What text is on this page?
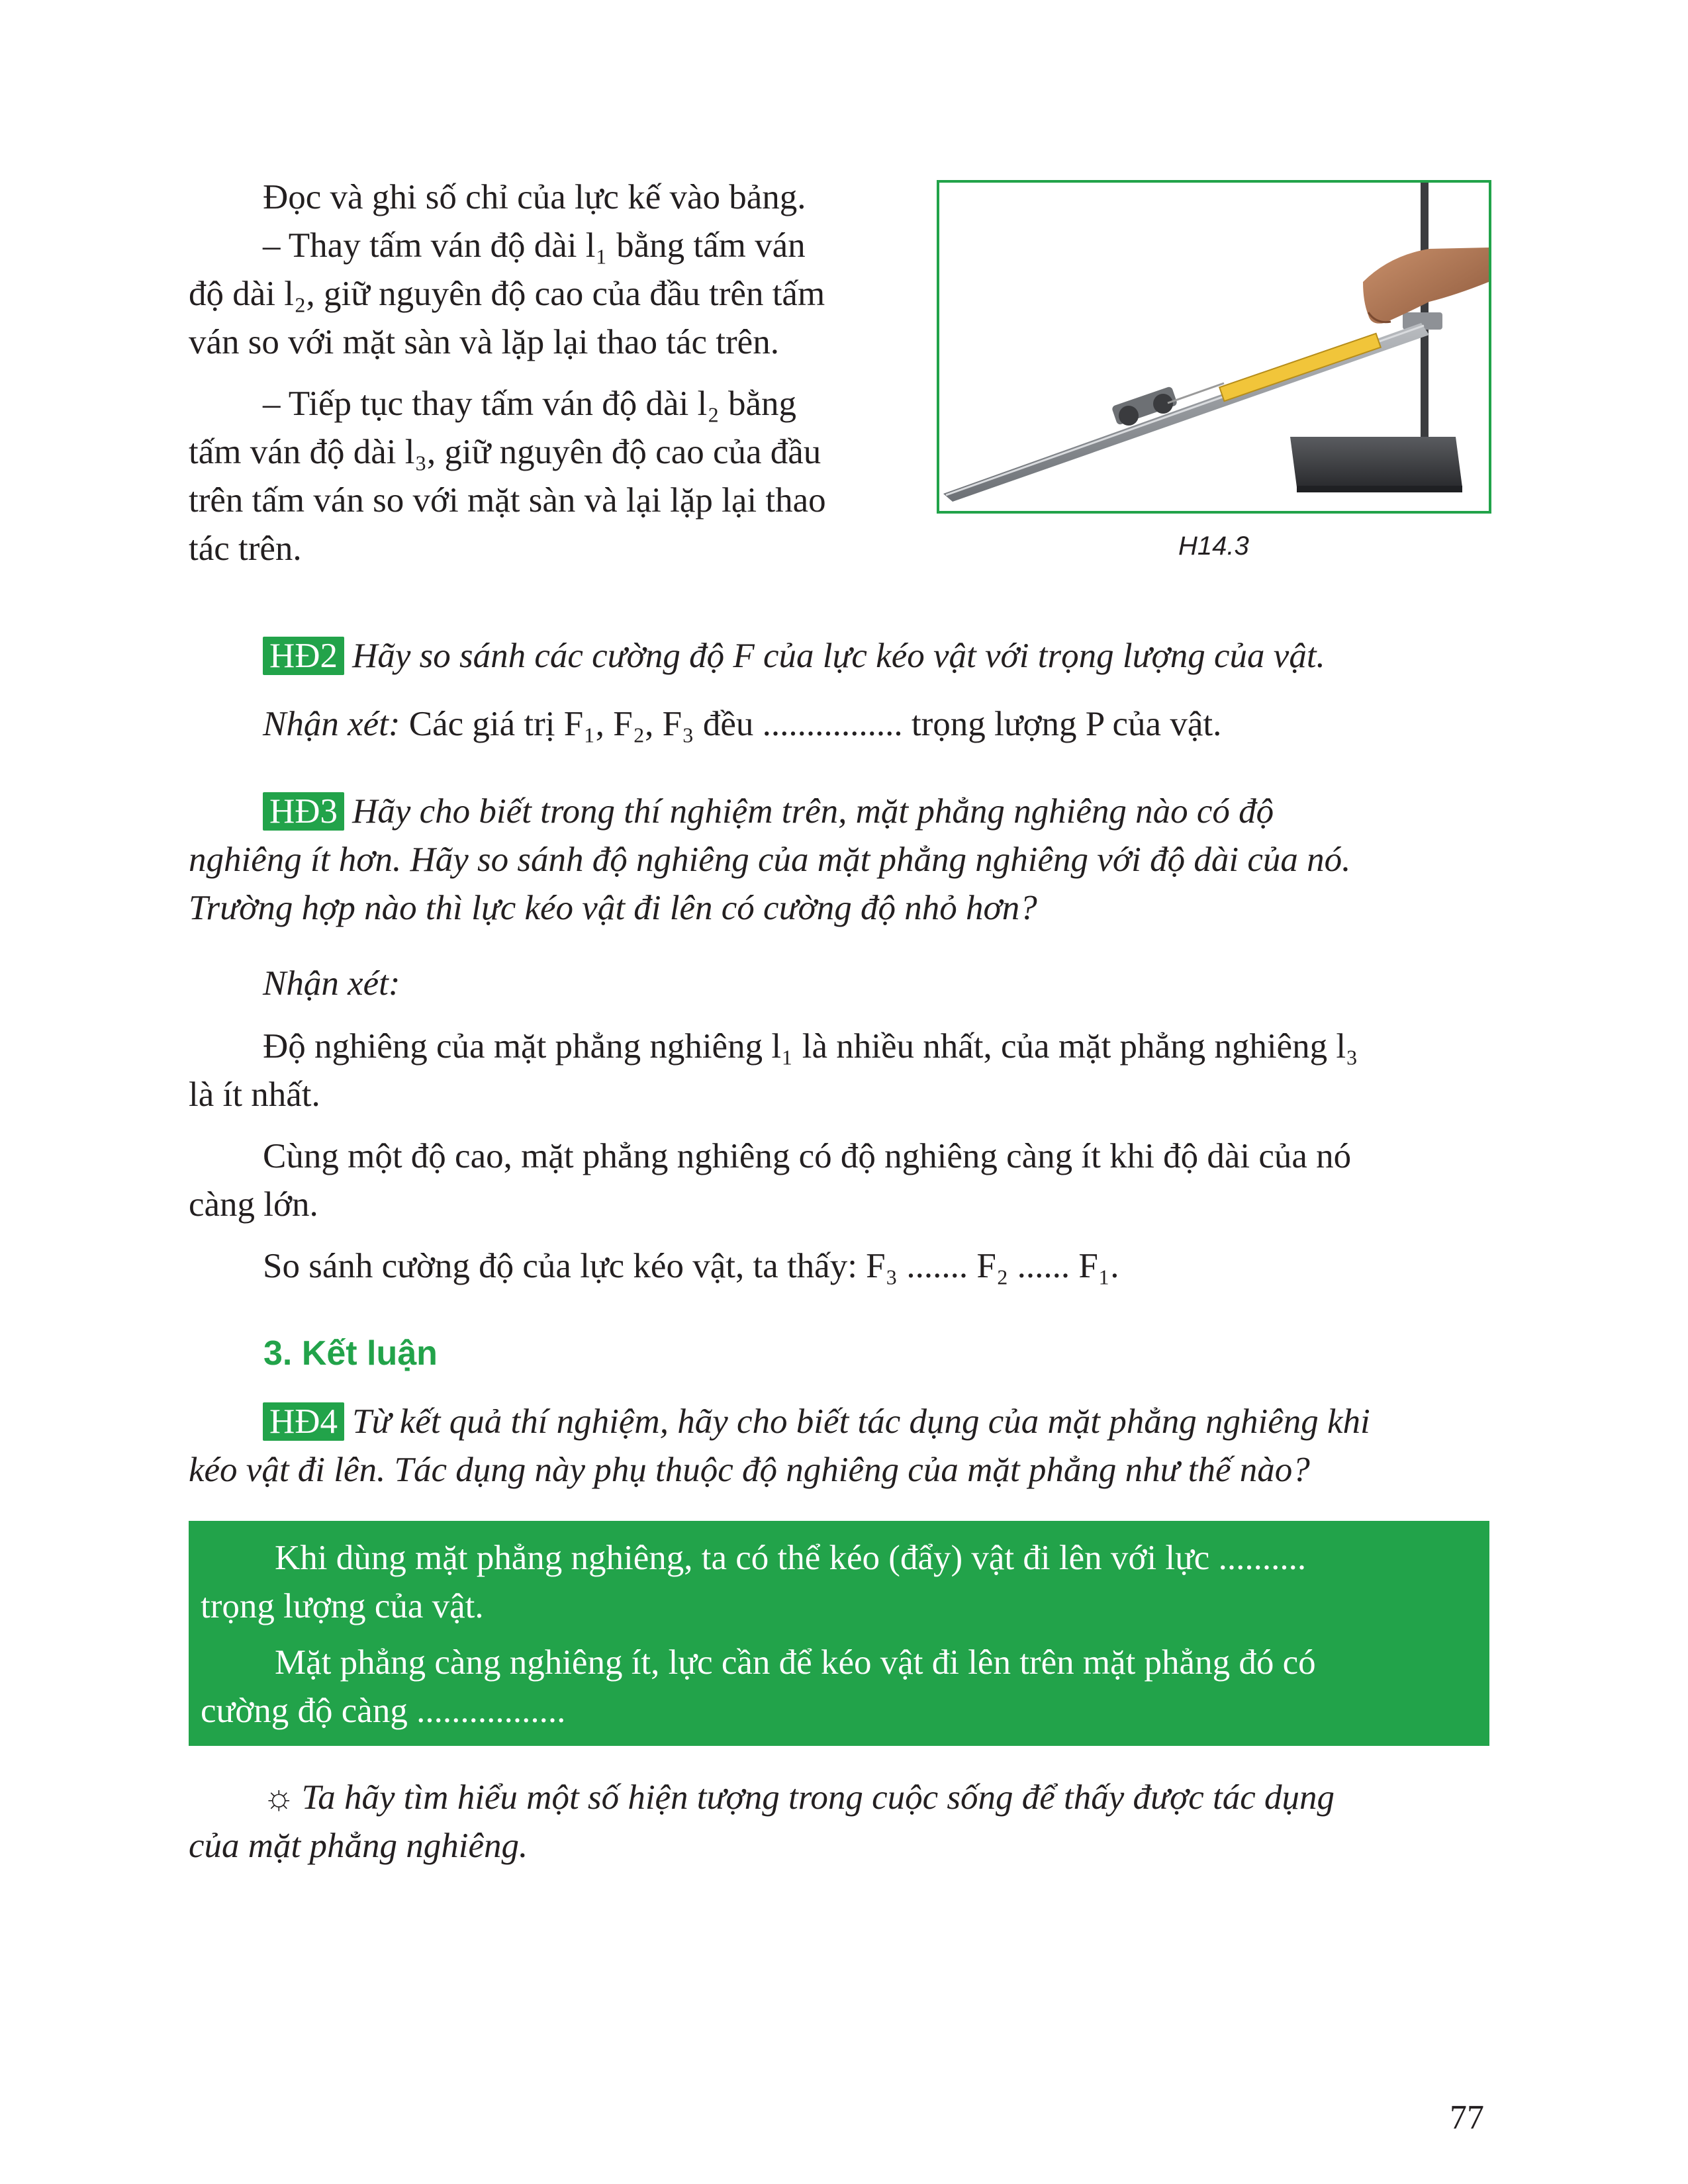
Đọc và ghi số chỉ của lực kế vào bảng.
– Thay tấm ván độ dài l₁ bằng tấm ván
độ dài l₂, giữ nguyên độ cao của đầu trên tấm
ván so với mặt sàn và lặp lại thao tác trên.
– Tiếp tục thay tấm ván độ dài l₂ bằng
tấm ván độ dài l₃, giữ nguyên độ cao của đầu
trên tấm ván so với mặt sàn và lại lặp lại thao
tác trên.	H14.3
HĐ2 Hãy so sánh các cường độ F của lực kéo vật với trọng lượng của vật.
Nhận xét: Các giá trị F₁, F₂, F₃ đều ................ trọng lượng P của vật.
HĐ3 Hãy cho biết trong thí nghiệm trên, mặt phẳng nghiêng nào có độ
nghiêng ít hơn. Hãy so sánh độ nghiêng của mặt phẳng nghiêng với độ dài của nó.
Trường hợp nào thì lực kéo vật đi lên có cường độ nhỏ hơn?
Nhận xét:
Độ nghiêng của mặt phẳng nghiêng l₁ là nhiều nhất, của mặt phẳng nghiêng l₃
là ít nhất.
Cùng một độ cao, mặt phẳng nghiêng có độ nghiêng càng ít khi độ dài của nó
càng lớn.
So sánh cường độ của lực kéo vật, ta thấy: F₃ ....... F₂ ...... F₁.
3. Kết luận
HĐ4 Từ kết quả thí nghiệm, hãy cho biết tác dụng của mặt phẳng nghiêng khi
kéo vật đi lên. Tác dụng này phụ thuộc độ nghiêng của mặt phẳng như thế nào?

Khi dùng mặt phẳng nghiêng, ta có thể kéo (đẩy) vật đi lên với lực ..........

trọng lượng của vật.

Mặt phẳng càng nghiêng ít, lực cần để kéo vật đi lên trên mặt phẳng đó có

cường độ càng .................

☼ Ta hãy tìm hiểu một số hiện tượng trong cuộc sống để thấy được tác dụng
của mặt phẳng nghiêng.
77
